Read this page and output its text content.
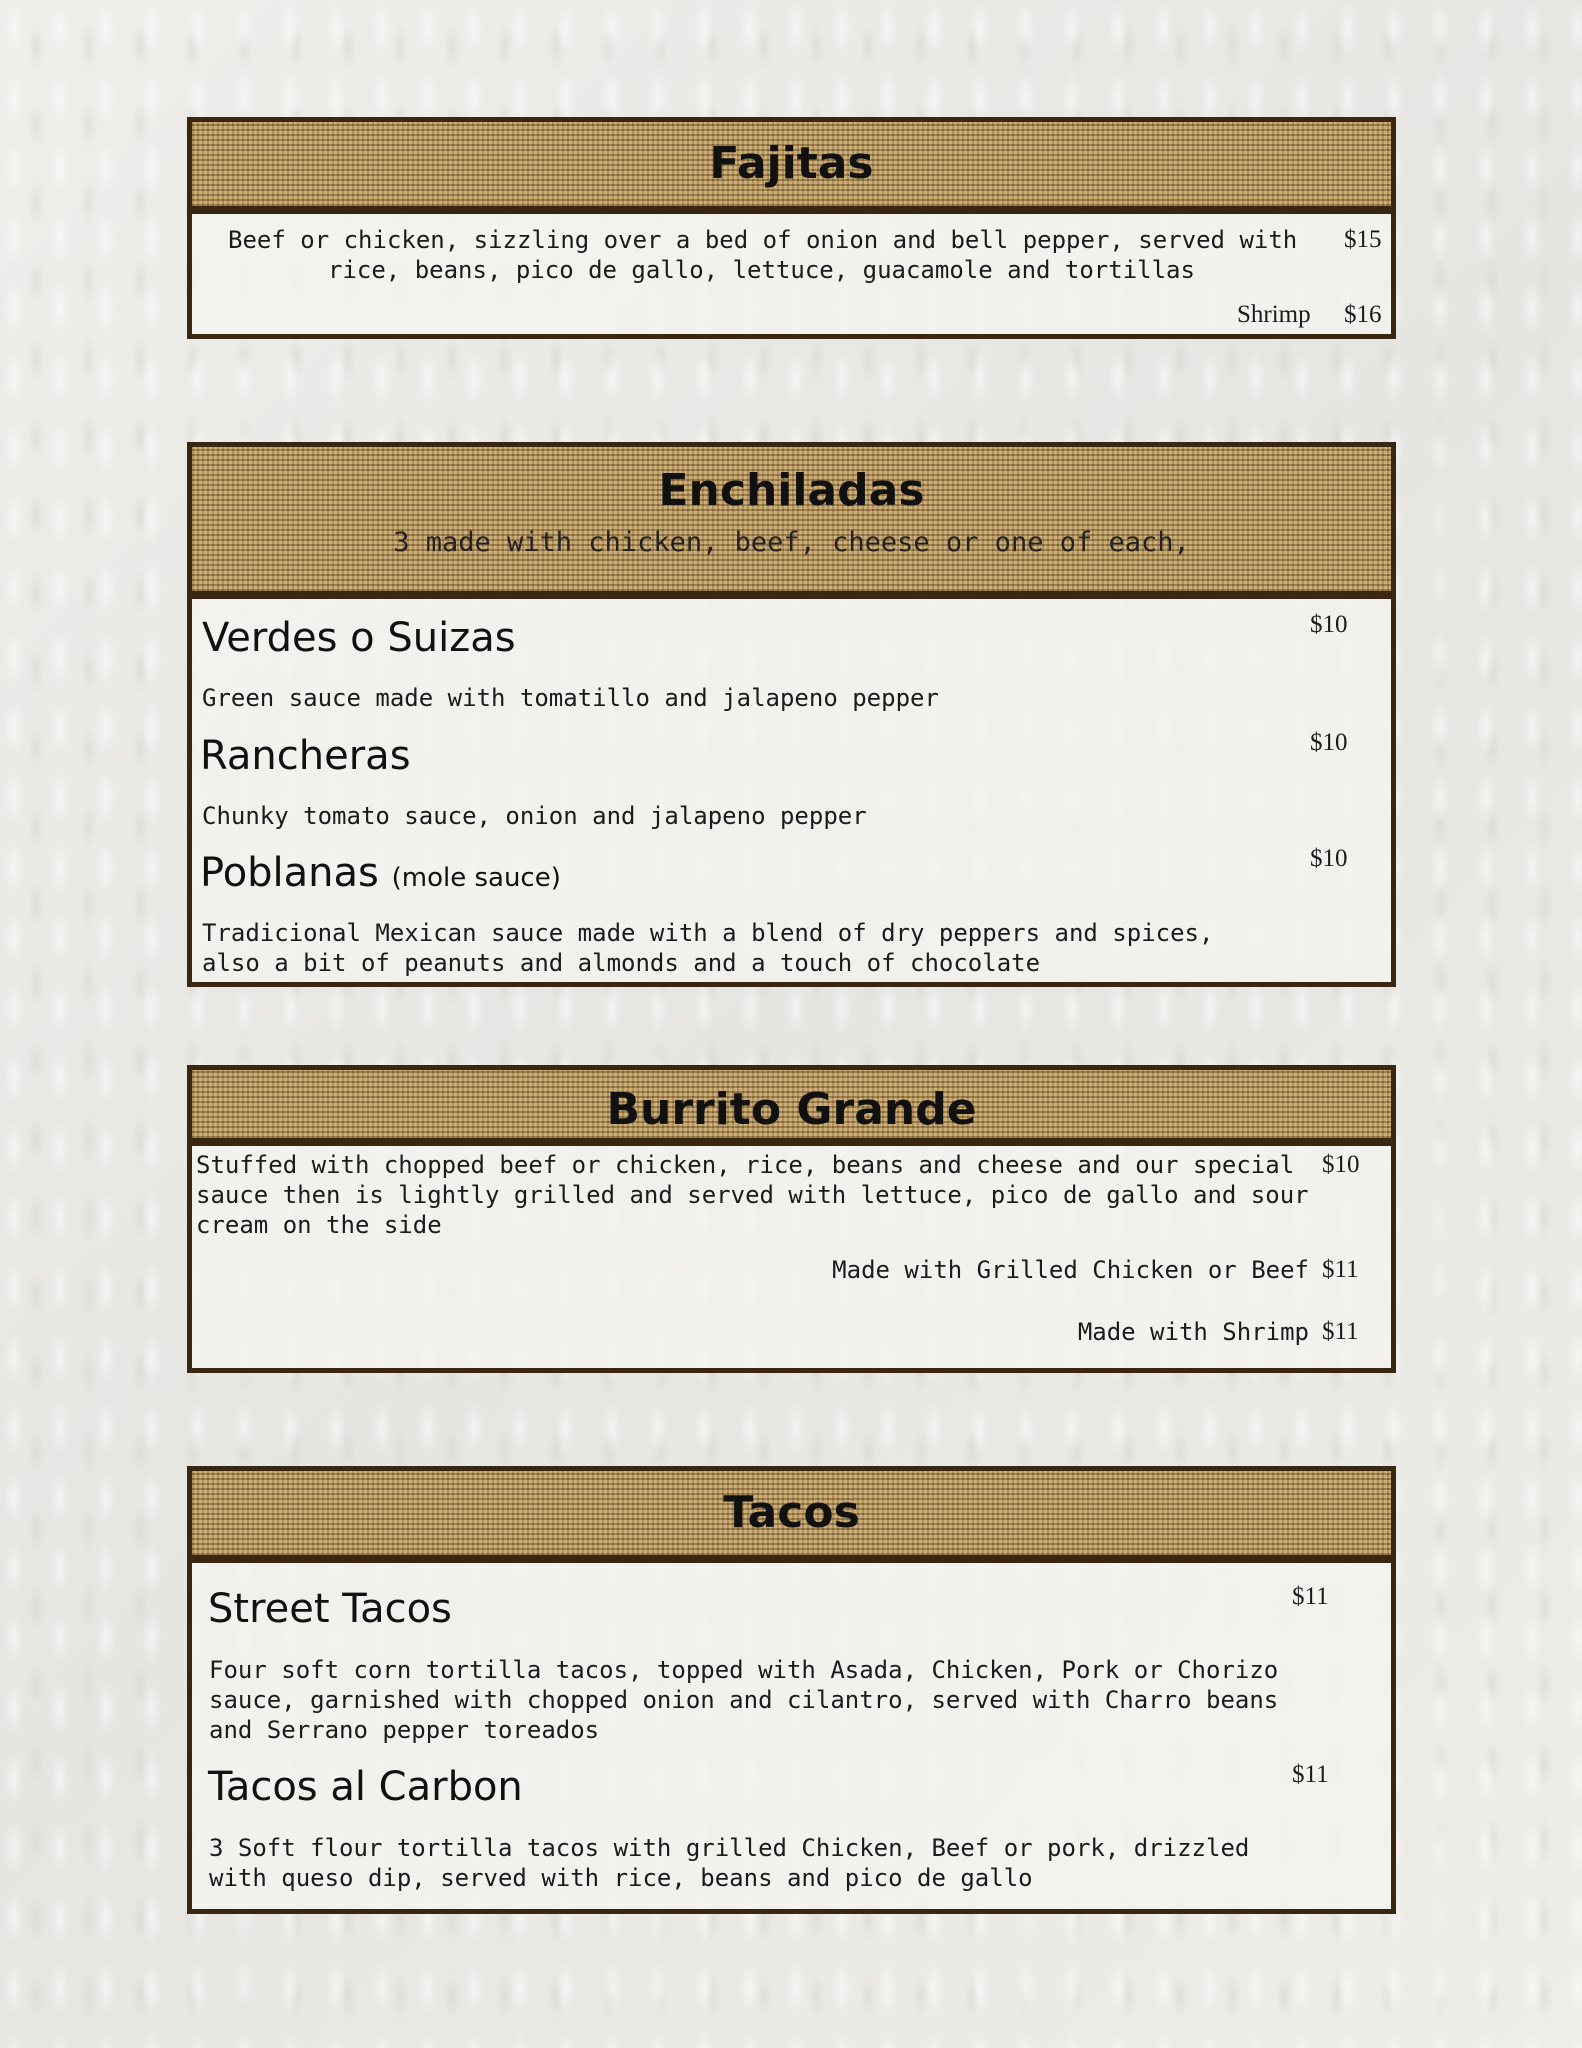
Fajitas
Beef or chicken, sizzling over a bed of onion and bell pepper, served with
rice, beans, pico de gallo, lettuce, guacamole and tortillas
$15
Shrimp $16
Enchiladas
3 made with chicken, beef, cheese or one of each,
Verdes o Suizas	$10
Green sauce made with tomatillo and jalapeno pepper
Rancheras	$10
Chunky tomato sauce, onion and jalapeno pepper
Poblanas (mole sauce)
$10
Tradicional Mexican sauce made with a blend of dry peppers and spices,
also a bit of peanuts and almonds and a touch of chocolate
Burrito Grande
Stuffed with chopped beef or chicken, rice, beans and cheese and our special
sauce then is lightly grilled and served with lettuce, pico de gallo and sour
cream on the side
$10
Made with Grilled Chicken or Beef $11
Made with Shrimp $11
Tacos
Street Tacos	$11
Four soft corn tortilla tacos, topped with Asada, Chicken, Pork or Chorizo
sauce, garnished with chopped onion and cilantro, served with Charro beans
and Serrano pepper toreados
Tacos al Carbon	$11
3 Soft flour tortilla tacos with grilled Chicken, Beef or pork, drizzled
with queso dip, served with rice, beans and pico de gallo
